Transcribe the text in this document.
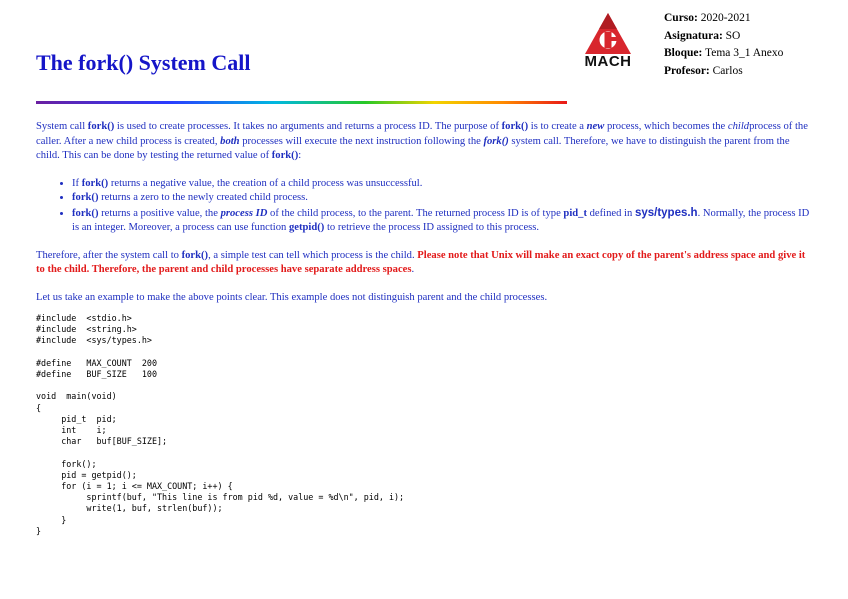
The fork() System Call	MACH
Curso: 2020-2021
Asignatura: SO
Bloque: Tema 3_1 Anexo
Profesor: Carlos

System call fork() is used to create processes. It takes no arguments and returns a process ID. The purpose of fork() is to create a new process, which becomes the childprocess of the caller. After a new child process is created, both processes will execute the next instruction following the fork() system call. Therefore, we have to distinguish the parent from the child. This can be done by testing the returned value of fork():

• If fork() returns a negative value, the creation of a child process was unsuccessful.
• fork() returns a zero to the newly created child process.
• fork() returns a positive value, the process ID of the child process, to the parent. The returned process ID is of type pid_t defined in sys/types.h. Normally, the process ID is an integer. Moreover, a process can use function getpid() to retrieve the process ID assigned to this process.

Therefore, after the system call to fork(), a simple test can tell which process is the child. Please note that Unix will make an exact copy of the parent's address space and give it to the child. Therefore, the parent and child processes have separate address spaces.

Let us take an example to make the above points clear. This example does not distinguish parent and the child processes.

#include  <stdio.h>
#include  <string.h>
#include  <sys/types.h>

#define   MAX_COUNT  200
#define   BUF_SIZE   100

void  main(void)
{
pid_t  pid;
int    i;
char   buf[BUF_SIZE];

fork();
pid = getpid();
for (i = 1; i <= MAX_COUNT; i++) {
sprintf(buf, "This line is from pid %d, value = %d\n", pid, i);
write(1, buf, strlen(buf));
}
}
